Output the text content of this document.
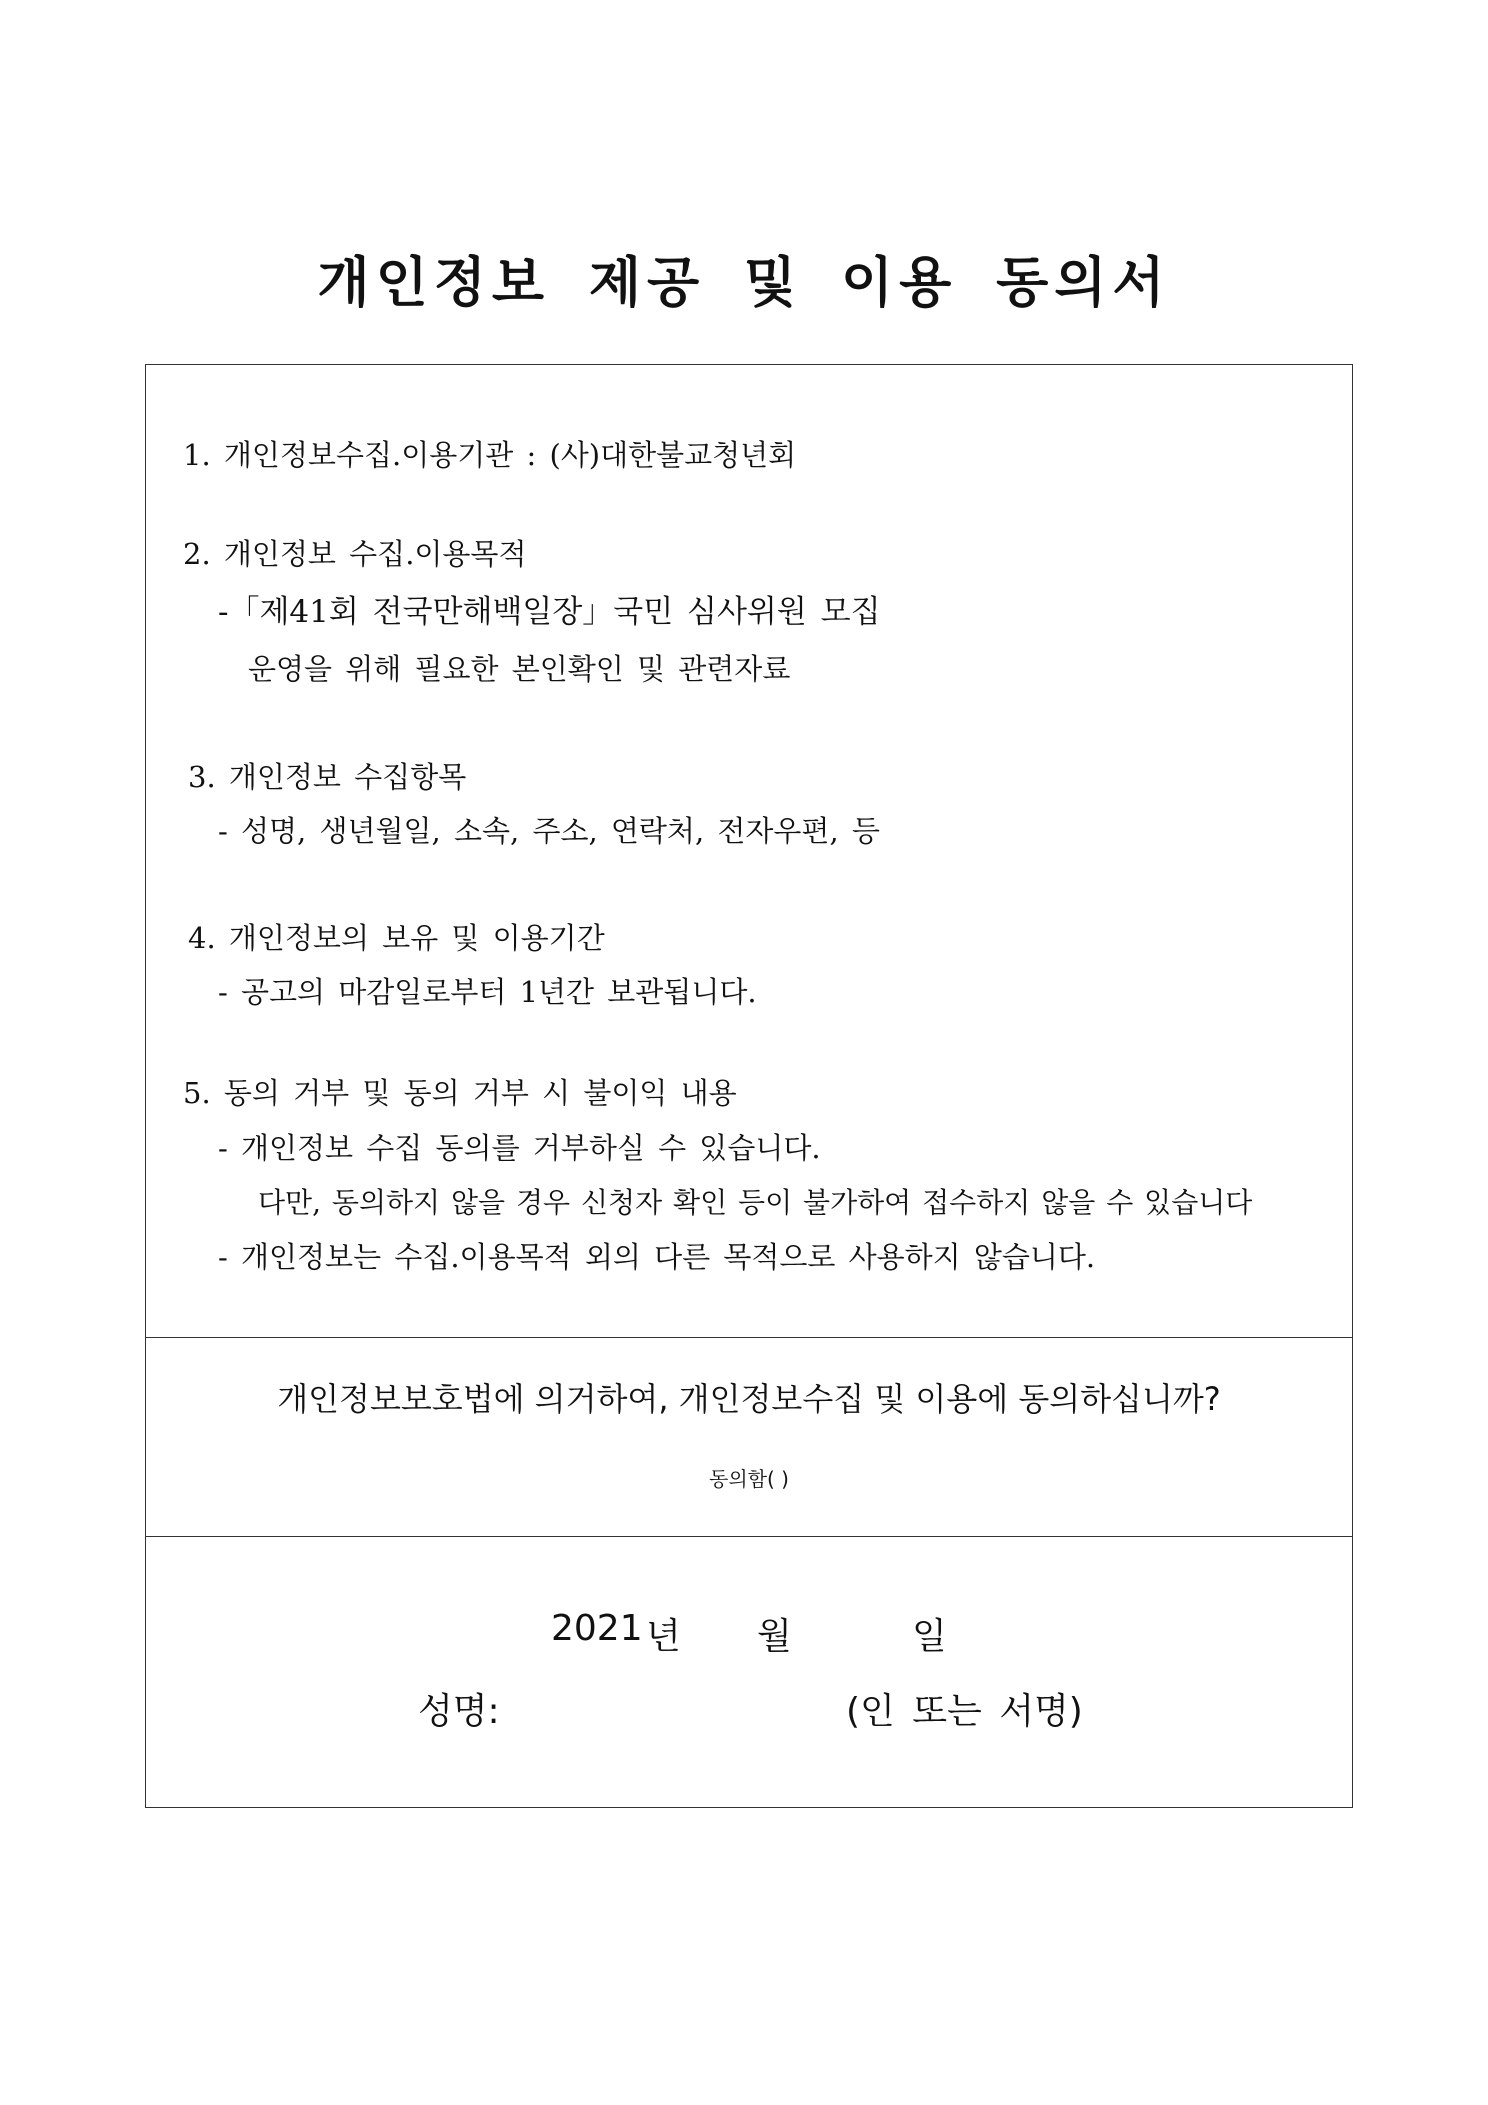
개인정보 제공 및 이용 동의서
1. 개인정보수집.이용기관 : (사)대한불교청년회
2. 개인정보 수집.이용목적
-「제41회 전국만해백일장」국민 심사위원 모집
운영을 위해 필요한 본인확인 및 관련자료
3. 개인정보 수집항목
- 성명, 생년월일, 소속, 주소, 연락처, 전자우편, 등
4. 개인정보의 보유 및 이용기간
- 공고의 마감일로부터 1년간 보관됩니다.
5. 동의 거부 및 동의 거부 시 불이익 내용
- 개인정보 수집 동의를 거부하실 수 있습니다.
다만, 동의하지 않을 경우 신청자 확인 등이 불가하여 접수하지 않을 수 있습니다
- 개인정보는 수집.이용목적 외의 다른 목적으로 사용하지 않습니다.
개인정보보호법에 의거하여, 개인정보수집 및 이용에 동의하십니까?
동의함( )
2021 년 월	일
성명:	(인 또는 서명)
